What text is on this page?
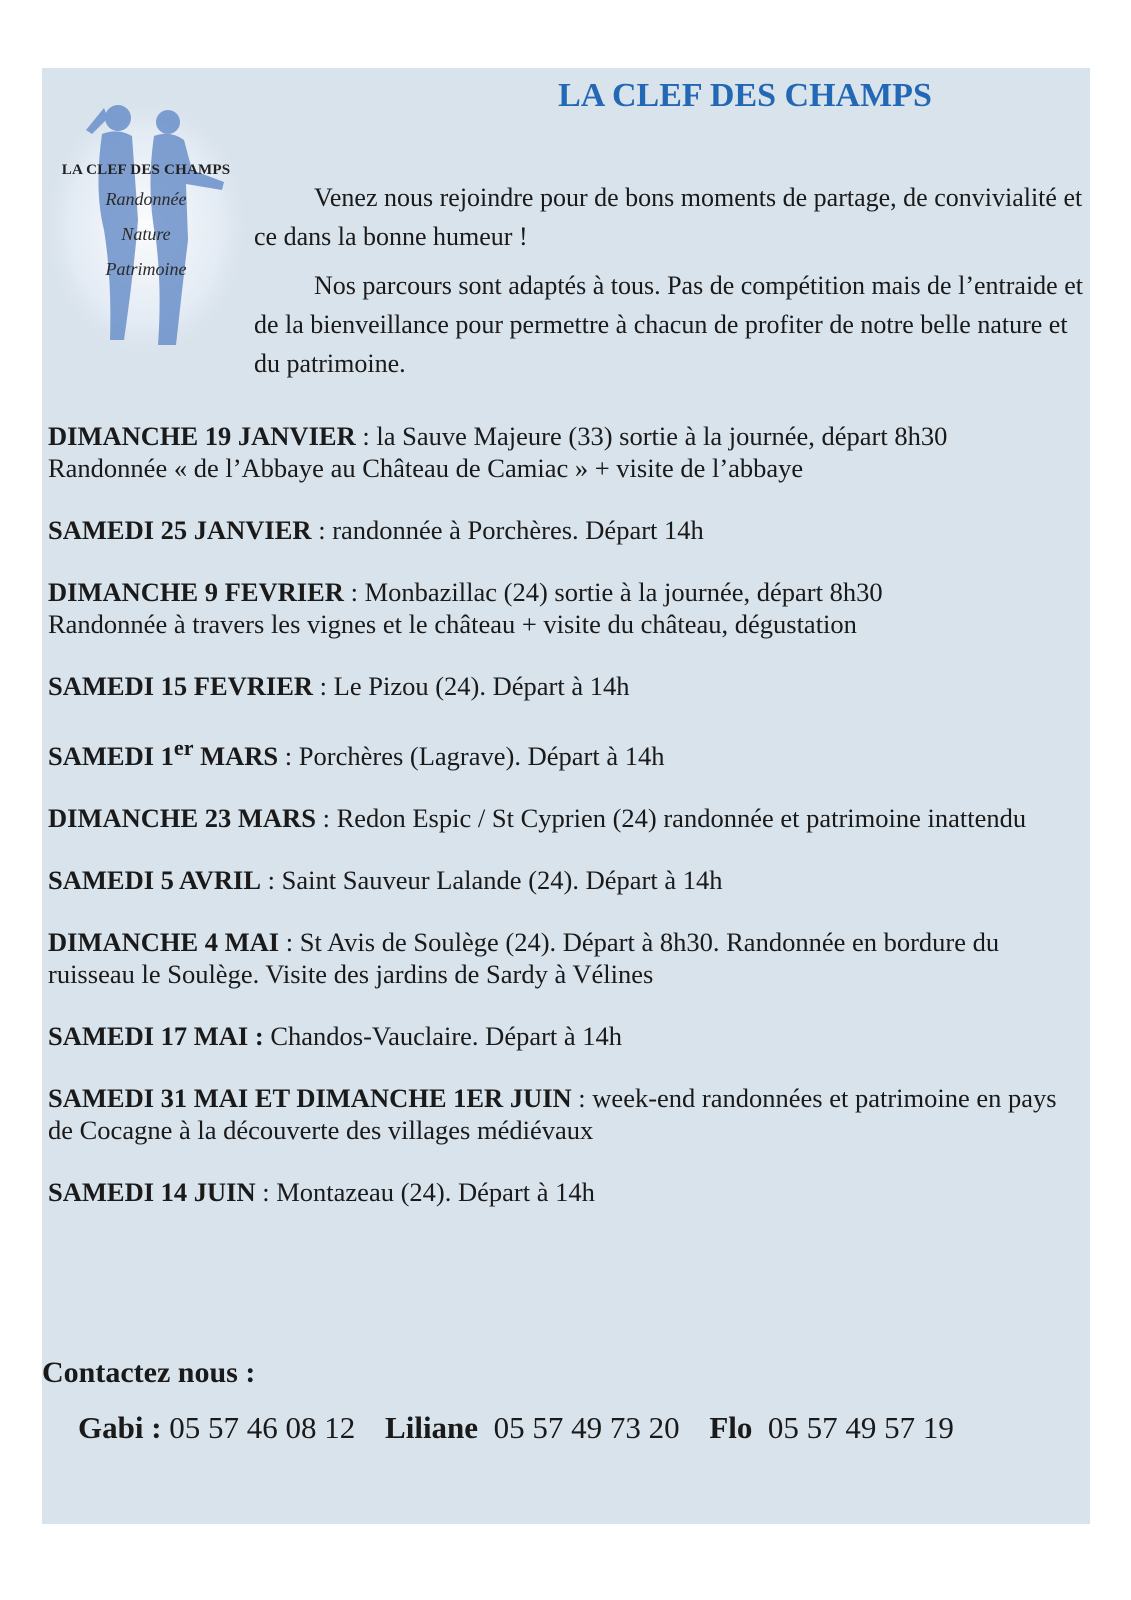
LA CLEF DES CHAMPS

LA CLEF DES CHAMPS

Randonnée

Nature

Patrimoine

Venez nous rejoindre pour de bons moments de partage, de convivialité et ce dans la bonne humeur !

Nos parcours sont adaptés à tous. Pas de compétition mais de l’entraide et de la bienveillance pour permettre à chacun de profiter de notre belle nature et du patrimoine.

DIMANCHE 19 JANVIER : la Sauve Majeure (33) sortie à la journée, départ 8h30
Randonnée « de l’Abbaye au Château de Camiac » + visite de l’abbaye

SAMEDI 25 JANVIER : randonnée à Porchères. Départ 14h

DIMANCHE 9 FEVRIER : Monbazillac (24) sortie à la journée, départ 8h30
Randonnée à travers les vignes et le château + visite du château, dégustation

SAMEDI 15 FEVRIER : Le Pizou (24). Départ à 14h

SAMEDI 1er MARS : Porchères (Lagrave). Départ à 14h

DIMANCHE 23 MARS : Redon Espic / St Cyprien (24) randonnée et patrimoine inattendu

SAMEDI 5 AVRIL : Saint Sauveur Lalande (24). Départ à 14h

DIMANCHE 4 MAI : St Avis de Soulège (24). Départ à 8h30. Randonnée en bordure du ruisseau le Soulège. Visite des jardins de Sardy à Vélines

SAMEDI 17 MAI : Chandos-Vauclaire. Départ à 14h

SAMEDI 31 MAI ET DIMANCHE 1ER JUIN : week-end randonnées et patrimoine en pays de Cocagne à la découverte des villages médiévaux

SAMEDI 14 JUIN : Montazeau (24). Départ à 14h

Contactez nous :

Gabi : 05 57 46 08 12 Liliane 05 57 49 73 20 Flo 05 57 49 57 19
